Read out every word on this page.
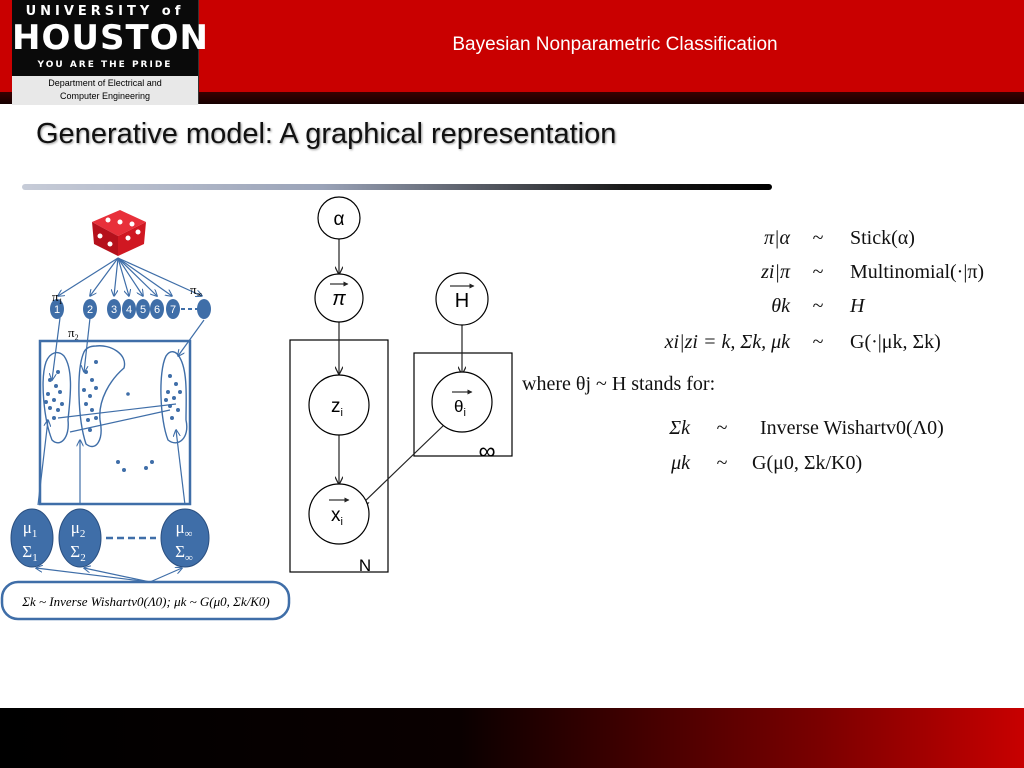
UNIVERSITY of
HOUSTON
YOU ARE THE PRIDE
Department of Electrical and
Computer Engineering
Bayesian Nonparametric Classification
Generative model: A graphical representation
1 2 3 4 5 6 7
$\pi_1$
$\pi_2$
$\pi_\infty$
$\mu_1$
$\Sigma_1$
$\mu_2$
$\Sigma_2$
$\mu_\infty$
$\Sigma_\infty$
Σk ~ Inverse Wishartv0(Λ0); μk ~ G(μ0, Σk/K0)
α
π	H
$z_i$	$\theta_i$
$x_i$
N
∞
π|α ~ Stick(α)
zi|π ~ Multinomial(·|π)
θk ~ H
xi|zi = k, Σk, μk ~ G(·|μk, Σk)
where θj ~ H stands for:
Σk ~ Inverse Wishartv0(Λ0)
μk ~ G(μ0, Σk/K0)
